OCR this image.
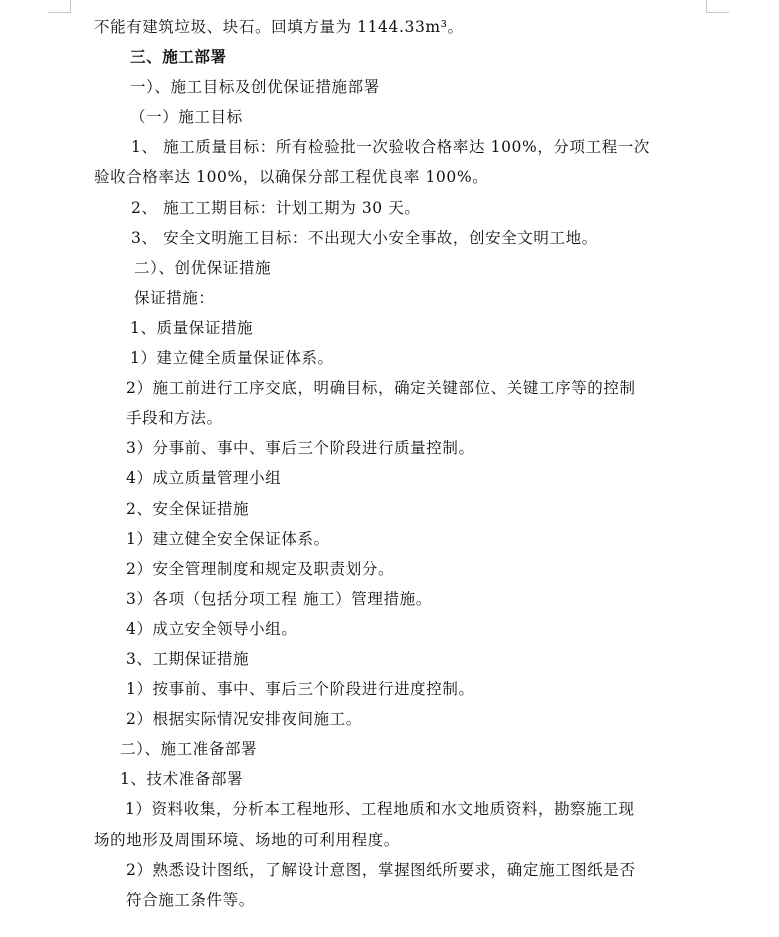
不能有建筑垃圾、块石。回填方量为 1144.33m³。
三、施工部署
一）、施工目标及创优保证措施部署
（一）施工目标
1、 施工质量目标：所有检验批一次验收合格率达 100%，分项工程一次
验收合格率达 100%，以确保分部工程优良率 100%。
2、 施工工期目标：计划工期为 30 天。
3、 安全文明施工目标：不出现大小安全事故，创安全文明工地。
二）、创优保证措施
保证措施：
1、质量保证措施
1）建立健全质量保证体系。
2）施工前进行工序交底，明确目标，确定关键部位、关键工序等的控制
手段和方法。
3）分事前、事中、事后三个阶段进行质量控制。
4）成立质量管理小组
2、安全保证措施
1）建立健全安全保证体系。
2）安全管理制度和规定及职责划分。
3）各项（包括分项工程 施工）管理措施。
4）成立安全领导小组。
3、工期保证措施
1）按事前、事中、事后三个阶段进行进度控制。
2）根据实际情况安排夜间施工。
二）、施工准备部署
1、技术准备部署
1）资料收集，分析本工程地形、工程地质和水文地质资料，勘察施工现
场的地形及周围环境、场地的可利用程度。
2）熟悉设计图纸，了解设计意图，掌握图纸所要求，确定施工图纸是否
符合施工条件等。
